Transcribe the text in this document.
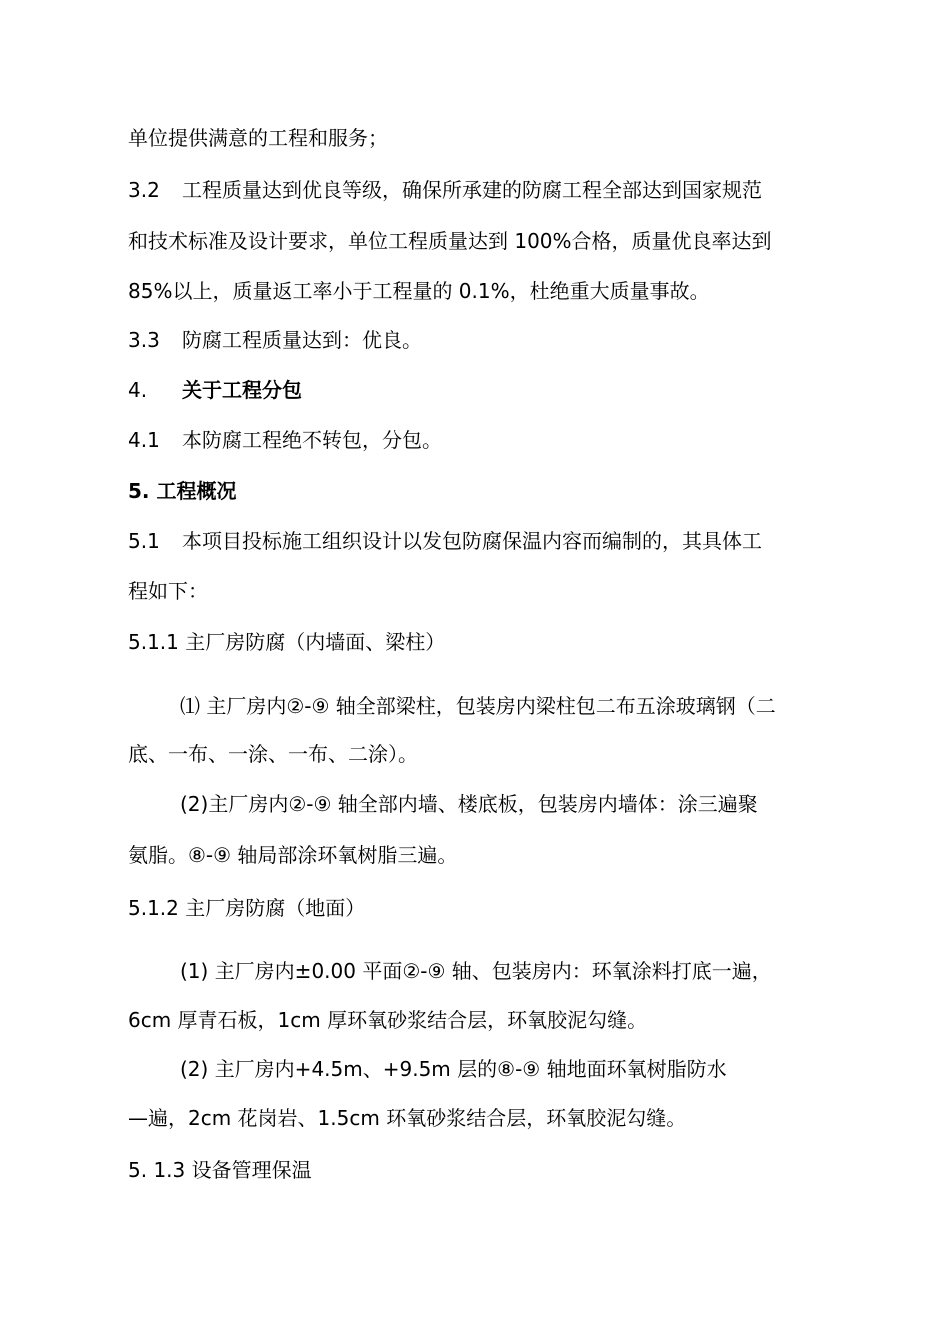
单位提供满意的工程和服务；
3.2 工程质量达到优良等级，确保所承建的防腐工程全部达到国家规范
和技术标准及设计要求，单位工程质量达到 100%合格，质量优良率达到
85%以上，质量返工率小于工程量的 0.1%，杜绝重大质量事故。
3.3 防腐工程质量达到：优良。
4. 关于工程分包
4.1 本防腐工程绝不转包，分包。
5. 工程概况
5.1 本项目投标施工组织设计以发包防腐保温内容而编制的，其具体工
程如下：
5.1.1 主厂房防腐（内墙面、梁柱）
⑴ 主厂房内②-⑨ 轴全部梁柱，包装房内梁柱包二布五涂玻璃钢（二
底、一布、一涂、一布、二涂）。
(2)主厂房内②-⑨ 轴全部内墙、楼底板，包装房内墙体：涂三遍聚
氨脂。⑧-⑨ 轴局部涂环氧树脂三遍。
5.1.2 主厂房防腐（地面）
(1) 主厂房内±0.00 平面②-⑨ 轴、包装房内：环氧涂料打底一遍，
6cm 厚青石板，1cm 厚环氧砂浆结合层，环氧胶泥勾缝。
(2) 主厂房内+4.5m、+9.5m 层的⑧-⑨ 轴地面环氧树脂防水
—遍，2cm 花岗岩、1.5cm 环氧砂浆结合层，环氧胶泥勾缝。
5. 1.3 设备管理保温
